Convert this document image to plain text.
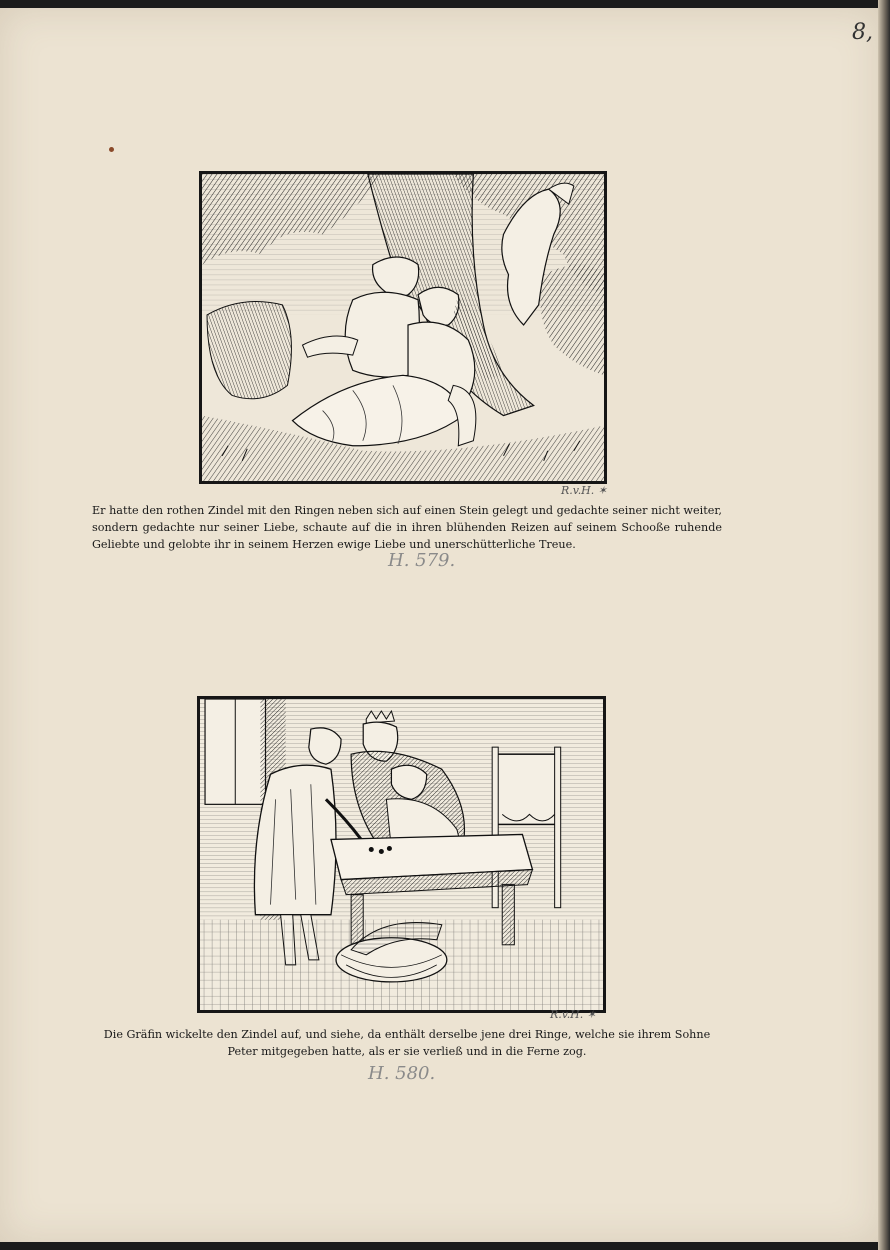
8,
R.v.H. ✶
Er hatte den rothen Zindel mit den Ringen neben sich auf einen Stein gelegt und gedachte seiner nicht weiter, sondern gedachte nur seiner Liebe, schaute auf die in ihren blühenden Reizen auf seinem Schooße ruhende Geliebte und gelobte ihr in seinem Herzen ewige Liebe und unerschütterliche Treue.
H. 579.
R.v.H. ✶
Die Gräfin wickelte den Zindel auf, und siehe, da enthält derselbe jene drei Ringe, welche sie ihrem Sohne Peter mitgegeben hatte, als er sie verließ und in die Ferne zog.
H. 580.
